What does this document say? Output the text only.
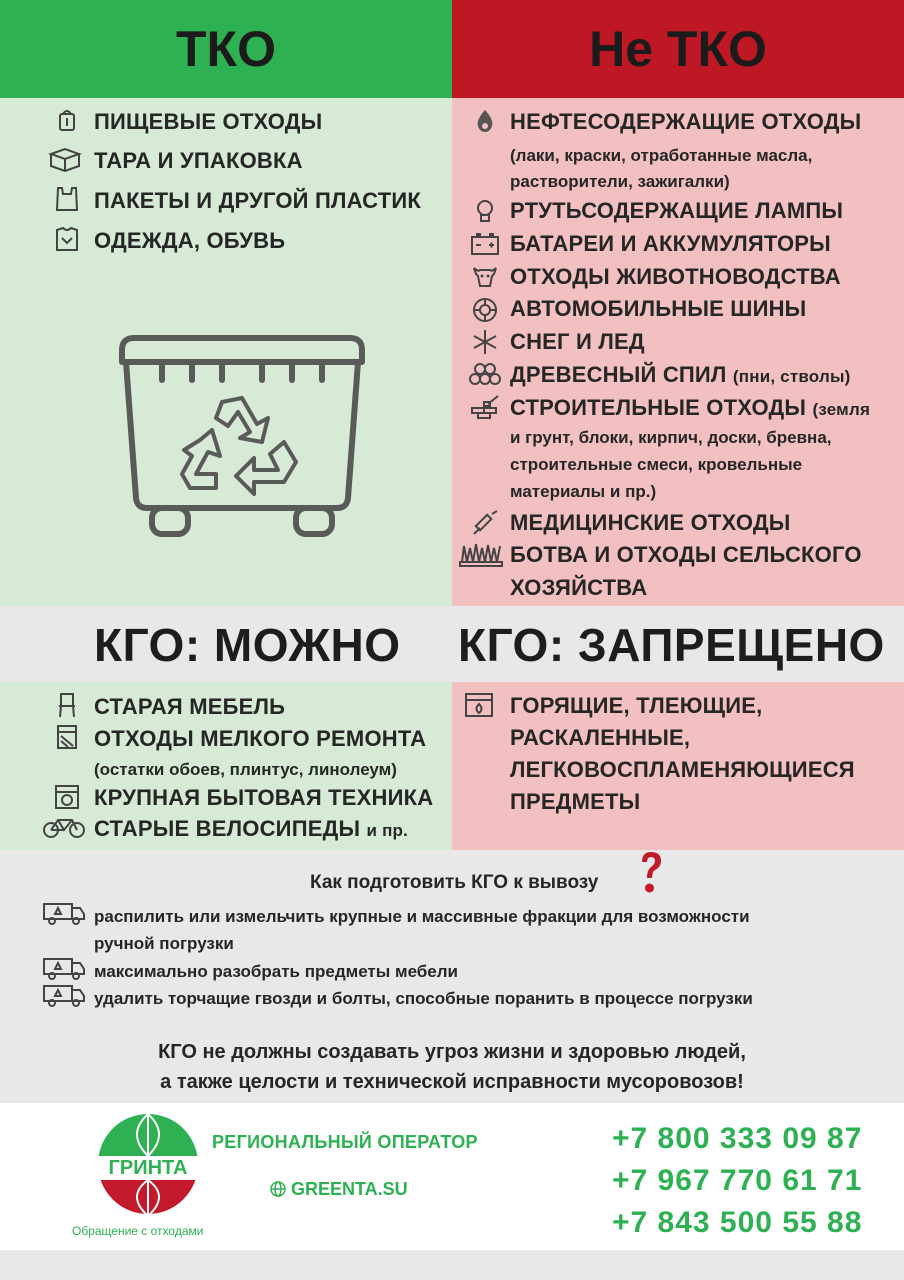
ТКО	Не ТКО
ПИЩЕВЫЕ ОТХОДЫ
ТАРА И УПАКОВКА
ПАКЕТЫ И ДРУГОЙ ПЛАСТИК
ОДЕЖДА, ОБУВЬ
НЕФТЕСОДЕРЖАЩИЕ ОТХОДЫ
(лаки, краски, отработанные масла,
растворители, зажигалки)
РТУТЬСОДЕРЖАЩИЕ ЛАМПЫ
БАТАРЕИ И АККУМУЛЯТОРЫ
ОТХОДЫ ЖИВОТНОВОДСТВА
АВТОМОБИЛЬНЫЕ ШИНЫ
СНЕГ И ЛЕД
ДРЕВЕСНЫЙ СПИЛ (пни, стволы)
СТРОИТЕЛЬНЫЕ ОТХОДЫ (земля
и грунт, блоки, кирпич, доски, бревна,
строительные смеси, кровельные
материалы и пр.)
МЕДИЦИНСКИЕ ОТХОДЫ
БОТВА И ОТХОДЫ СЕЛЬСКОГО
ХОЗЯЙСТВА
КГО: МОЖНО КГО: ЗАПРЕЩЕНО
СТАРАЯ МЕБЕЛЬ
ОТХОДЫ МЕЛКОГО РЕМОНТА
(остатки обоев, плинтус, линолеум)
КРУПНАЯ БЫТОВАЯ ТЕХНИКА
СТАРЫЕ ВЕЛОСИПЕДЫ и пр.
ГОРЯЩИЕ, ТЛЕЮЩИЕ,
РАСКАЛЕННЫЕ,
ЛЕГКОВОСПЛАМЕНЯЮЩИЕСЯ
ПРЕДМЕТЫ
Как подготовить КГО к вывозу
распилить или измельчить крупные и массивные фракции для возможности
ручной погрузки
максимально разобрать предметы мебели
удалить торчащие гвозди и болты, способные поранить в процессе погрузки
КГО не должны создавать угроз жизни и здоровью людей,
а также целости и технической исправности мусоровозов!
ГРИНТА
Обращение с отходами
РЕГИОНАЛЬНЫЙ ОПЕРАТОР
GREENTA.SU
+7 800 333 09 87
+7 967 770 61 71
+7 843 500 55 88
